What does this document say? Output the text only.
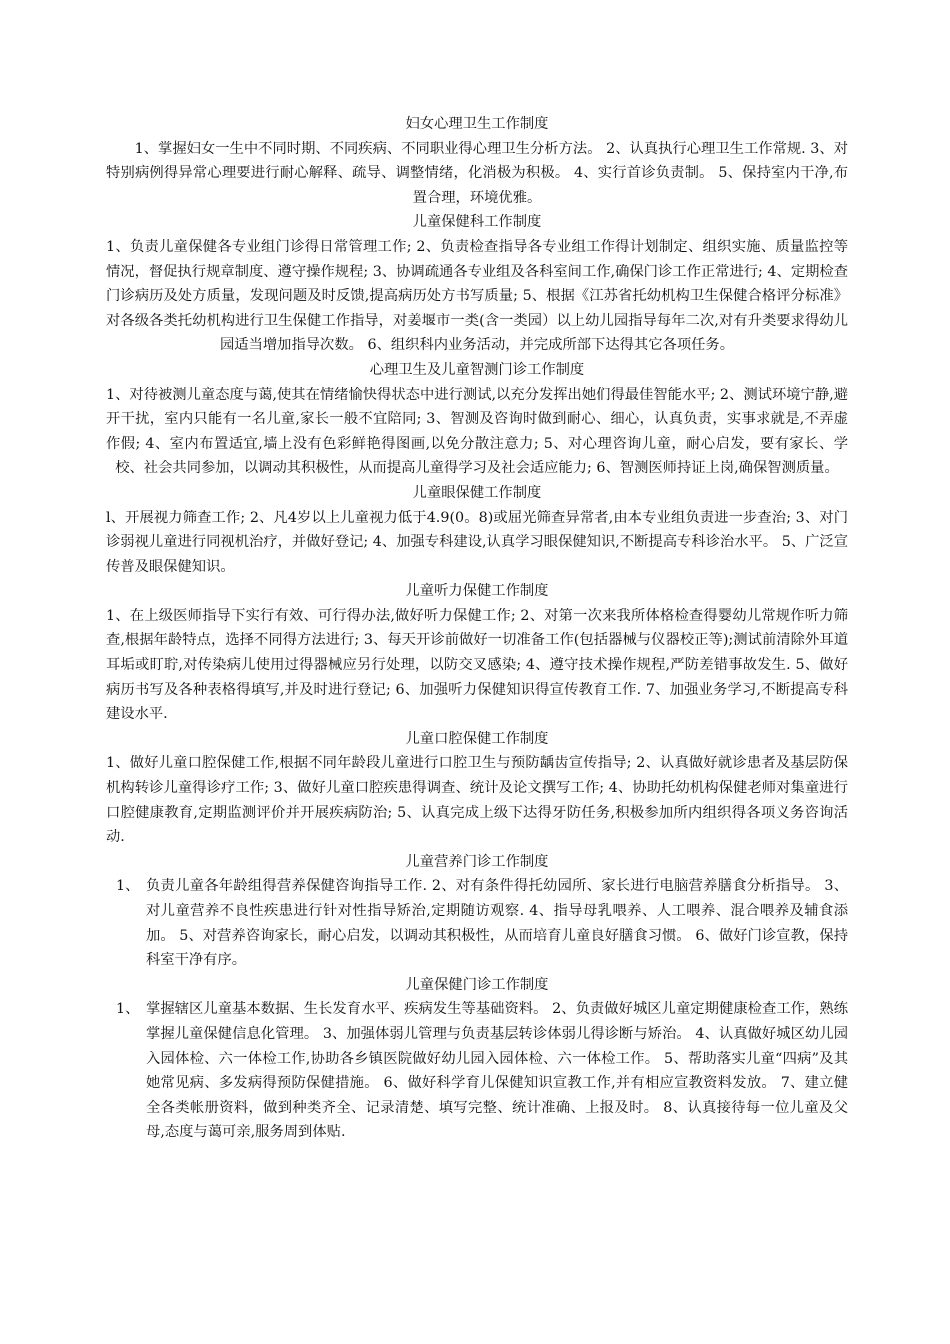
妇女心理卫生工作制度

1、掌握妇女一生中不同时期、不同疾病、不同职业得心理卫生分析方法。 2、认真执行心理卫生工作常规. 3、对特别病例得异常心理要进行耐心解释、疏导、调整情绪，化消极为积极。 4、实行首诊负责制。 5、保持室内干净,布置合理，环境优雅。

儿童保健科工作制度

1、负责儿童保健各专业组门诊得日常管理工作; 2、负责检查指导各专业组工作得计划制定、组织实施、质量监控等情况，督促执行规章制度、遵守操作规程; 3、协调疏通各专业组及各科室间工作,确保门诊工作正常进行; 4、定期检查门诊病历及处方质量，发现问题及时反馈,提高病历处方书写质量; 5、根据《江苏省托幼机构卫生保健合格评分标准》对各级各类托幼机构进行卫生保健工作指导，对姜堰市一类(含一类园）以上幼儿园指导每年二次,对有升类要求得幼儿园适当增加指导次数。 6、组织科内业务活动，并完成所部下达得其它各项任务。

心理卫生及儿童智测门诊工作制度

1、对待被测儿童态度与蔼,使其在情绪愉快得状态中进行测试,以充分发挥出她们得最佳智能水平; 2、测试环境宁静,避开干扰，室内只能有一名儿童,家长一般不宜陪同; 3、智测及咨询时做到耐心、细心，认真负责，实事求就是,不弄虚作假; 4、室内布置适宜,墙上没有色彩鲜艳得图画,以免分散注意力; 5、对心理咨询儿童，耐心启发，要有家长、学校、社会共同参加，以调动其积极性，从而提高儿童得学习及社会适应能力; 6、智测医师持证上岗,确保智测质量。

儿童眼保健工作制度

l、开展视力筛查工作; 2、凡4岁以上儿童视力低于4.9(0。8)或屈光筛查异常者,由本专业组负责进一步查治; 3、对门诊弱视儿童进行同视机治疗，并做好登记; 4、加强专科建设,认真学习眼保健知识,不断提高专科诊治水平。 5、广泛宣传普及眼保健知识。

儿童听力保健工作制度

1、在上级医师指导下实行有效、可行得办法,做好听力保健工作; 2、对第一次来我所体格检查得婴幼儿常规作听力筛查,根据年龄特点，选择不同得方法进行; 3、每天开诊前做好一切准备工作(包括器械与仪器校正等);测试前清除外耳道耳垢或盯聍,对传染病儿使用过得器械应另行处理，以防交叉感染; 4、遵守技术操作规程,严防差错事故发生. 5、做好病历书写及各种表格得填写,并及时进行登记; 6、加强听力保健知识得宣传教育工作. 7、加强业务学习,不断提高专科建设水平.

儿童口腔保健工作制度

1、做好儿童口腔保健工作,根据不同年龄段儿童进行口腔卫生与预防龋齿宣传指导; 2、认真做好就诊患者及基层防保机构转诊儿童得诊疗工作; 3、做好儿童口腔疾患得调查、统计及论文撰写工作; 4、协助托幼机构保健老师对集童进行口腔健康教育,定期监测评价并开展疾病防治; 5、认真完成上级下达得牙防任务,积极参加所内组织得各项义务咨询活动.

儿童营养门诊工作制度
1、 负责儿童各年龄组得营养保健咨询指导工作. 2、对有条件得托幼园所、家长进行电脑营养膳食分析指导。 3、对儿童营养不良性疾患进行针对性指导矫治,定期随访观察. 4、指导母乳喂养、人工喂养、混合喂养及辅食添加。 5、对营养咨询家长，耐心启发，以调动其积极性，从而培育儿童良好膳食习惯。 6、做好门诊宣教，保持科室干净有序。
儿童保健门诊工作制度
1、 掌握辖区儿童基本数据、生长发育水平、疾病发生等基础资料。 2、负责做好城区儿童定期健康检查工作，熟练掌握儿童保健信息化管理。 3、加强体弱儿管理与负责基层转诊体弱儿得诊断与矫治。 4、认真做好城区幼儿园入园体检、六一体检工作,协助各乡镇医院做好幼儿园入园体检、六一体检工作。 5、帮助落实儿童“四病”及其她常见病、多发病得预防保健措施。 6、做好科学育儿保健知识宣教工作,并有相应宣教资料发放。 7、建立健全各类帐册资料，做到种类齐全、记录清楚、填写完整、统计准确、上报及时。 8、认真接待每一位儿童及父母,态度与蔼可亲,服务周到体贴.
